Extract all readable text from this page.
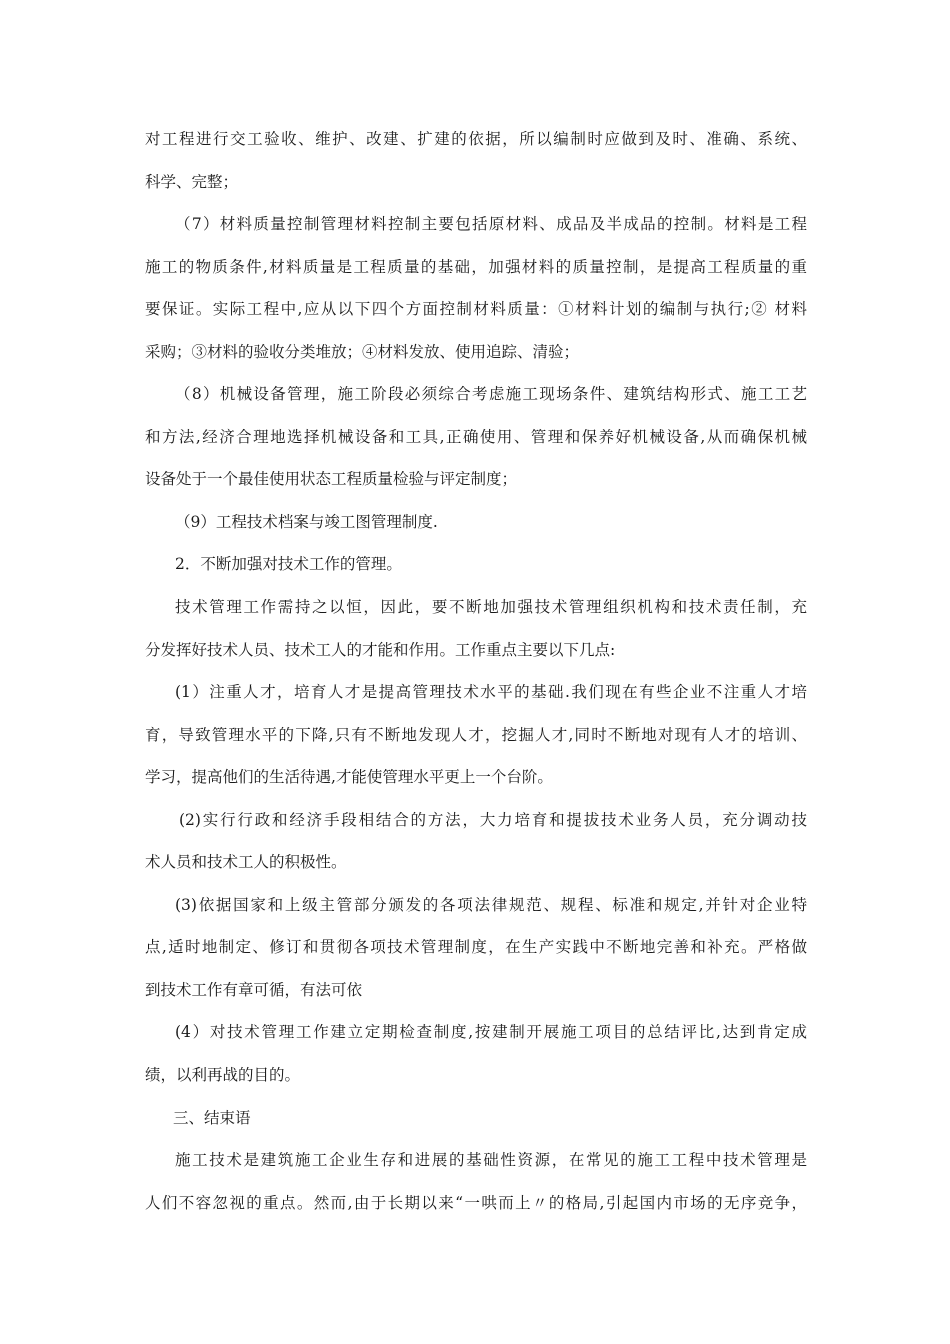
对工程进行交工验收、维护、改建、扩建的依据，所以编制时应做到及时、准确、系统、
科学、完整；
（7）材料质量控制管理材料控制主要包括原材料、成品及半成品的控制。材料是工程
施工的物质条件,材料质量是工程质量的基础，加强材料的质量控制，是提高工程质量的重
要保证。实际工程中,应从以下四个方面控制材料质量：①材料计划的编制与执行;② 材料
采购；③材料的验收分类堆放；④材料发放、使用追踪、清验；
（8）机械设备管理，施工阶段必须综合考虑施工现场条件、建筑结构形式、施工工艺
和方法,经济合理地选择机械设备和工具,正确使用、管理和保养好机械设备,从而确保机械
设备处于一个最佳使用状态工程质量检验与评定制度；
（9）工程技术档案与竣工图管理制度.
2．不断加强对技术工作的管理。
技术管理工作需持之以恒，因此，要不断地加强技术管理组织机构和技术责任制，充
分发挥好技术人员、技术工人的才能和作用。工作重点主要以下几点:
(1）注重人才，培育人才是提高管理技术水平的基础.我们现在有些企业不注重人才培
育，导致管理水平的下降,只有不断地发现人才，挖掘人才,同时不断地对现有人才的培训、
学习，提高他们的生活待遇,才能使管理水平更上一个台阶。
(2)实行行政和经济手段相结合的方法，大力培育和提拔技术业务人员，充分调动技
术人员和技术工人的积极性。
(3)依据国家和上级主管部分颁发的各项法律规范、规程、标准和规定,并针对企业特
点,适时地制定、修订和贯彻各项技术管理制度，在生产实践中不断地完善和补充。严格做
到技术工作有章可循，有法可依
(4）对技术管理工作建立定期检查制度,按建制开展施工项目的总结评比,达到肯定成
绩，以利再战的目的。
三、结束语
施工技术是建筑施工企业生存和进展的基础性资源，在常见的施工工程中技术管理是
人们不容忽视的重点。然而,由于长期以来“一哄而上〃的格局,引起国内市场的无序竞争，
